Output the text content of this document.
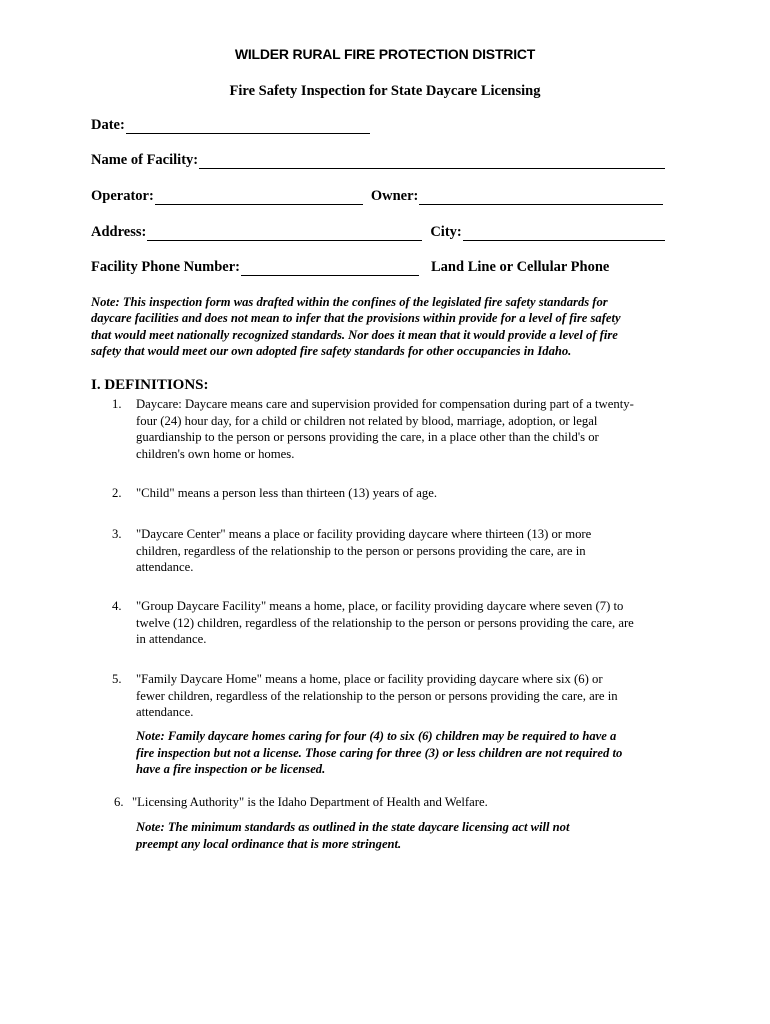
WILDER RURAL FIRE PROTECTION DISTRICT
Fire Safety Inspection for State Daycare Licensing
Date:
Name of Facility:
Operator:	Owner:
Address:	City:
Facility Phone Number:	Land Line or Cellular Phone
Note: This inspection form was drafted within the confines of the legislated fire safety standards for
daycare facilities and does not mean to infer that the provisions within provide for a level of fire safety
that would meet nationally recognized standards. Nor does it mean that it would provide a level of fire
safety that would meet our own adopted fire safety standards for other occupancies in Idaho.
I. DEFINITIONS:
1.	Daycare: Daycare means care and supervision provided for compensation during part of a twenty-
four (24) hour day, for a child or children not related by blood, marriage, adoption, or legal
guardianship to the person or persons providing the care, in a place other than the child's or
children's own home or homes.
2.	"Child" means a person less than thirteen (13) years of age.
3.	"Daycare Center" means a place or facility providing daycare where thirteen (13) or more
children, regardless of the relationship to the person or persons providing the care, are in
attendance.
4.	"Group Daycare Facility" means a home, place, or facility providing daycare where seven (7) to
twelve (12) children, regardless of the relationship to the person or persons providing the care, are
in attendance.
5.	"Family Daycare Home" means a home, place or facility providing daycare where six (6) or
fewer children, regardless of the relationship to the person or persons providing the care, are in
attendance.
Note: Family daycare homes caring for four (4) to six (6) children may be required to have a
fire inspection but not a license. Those caring for three (3) or less children are not required to
have a fire inspection or be licensed.
6. "Licensing Authority" is the Idaho Department of Health and Welfare.
Note: The minimum standards as outlined in the state daycare licensing act will not
preempt any local ordinance that is more stringent.
